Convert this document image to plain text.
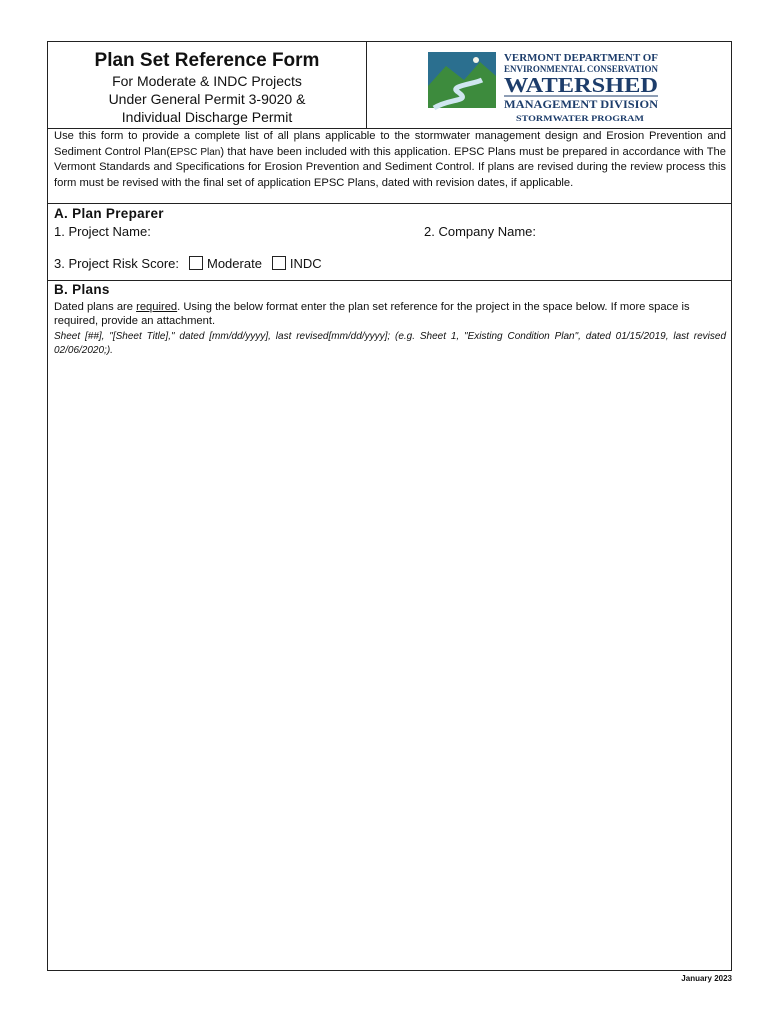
Plan Set Reference Form
For Moderate & INDC Projects
Under General Permit 3-9020 &
Individual Discharge Permit
VERMONT DEPARTMENT OF
ENVIRONMENTAL CONSERVATION
WATERSHED
MANAGEMENT DIVISION
STORMWATER PROGRAM
Use this form to provide a complete list of all plans applicable to the stormwater management design and Erosion Prevention and Sediment Control Plan(EPSC Plan) that have been included with this application. EPSC Plans must be prepared in accordance with The Vermont Standards and Specifications for Erosion Prevention and Sediment Control. If plans are revised during the review process this form must be revised with the final set of application EPSC Plans, dated with revision dates, if applicable.
A. Plan Preparer
1. Project Name:	2. Company Name:
3. Project Risk Score: Moderate INDC
B. Plans
Dated plans are required. Using the below format enter the plan set reference for the project in the space below. If more space is required, provide an attachment.
Sheet [##], "[Sheet Title]," dated [mm/dd/yyyy], last revised[mm/dd/yyyy]; (e.g. Sheet 1, "Existing Condition Plan", dated 01/15/2019, last revised 02/06/2020;).
January 2023
